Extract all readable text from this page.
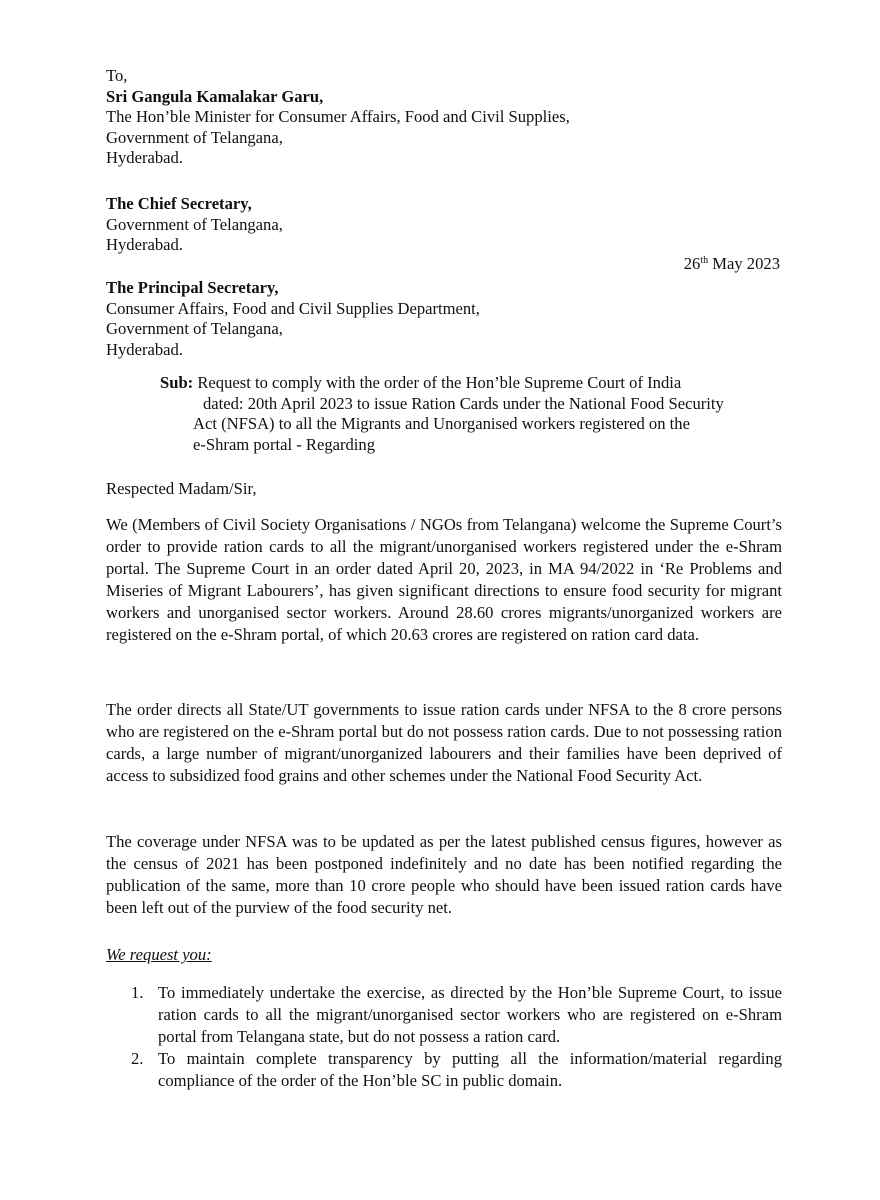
To,
Sri Gangula Kamalakar Garu,
The Hon’ble Minister for Consumer Affairs, Food and Civil Supplies,
Government of Telangana,
Hyderabad.
The Chief Secretary,
Government of Telangana,
Hyderabad.
26th May 2023
The Principal Secretary,
Consumer Affairs, Food and Civil Supplies Department,
Government of Telangana,
Hyderabad.
Sub: Request to comply with the order of the Hon’ble Supreme Court of India
dated: 20th April 2023 to issue Ration Cards under the National Food Security
Act (NFSA) to all the Migrants and Unorganised workers registered on the
e-Shram portal - Regarding
Respected Madam/Sir,

We (Members of Civil Society Organisations / NGOs from Telangana) welcome the Supreme Court’s order to provide ration cards to all the migrant/unorganised workers registered under the e-Shram portal. The Supreme Court in an order dated April 20, 2023, in MA 94/2022 in ‘Re Problems and Miseries of Migrant Labourers’, has given significant directions to ensure food security for migrant workers and unorganised sector workers. Around 28.60 crores migrants/unorganized workers are registered on the e-Shram portal, of which 20.63 crores are registered on ration card data.

The order directs all State/UT governments to issue ration cards under NFSA to the 8 crore persons who are registered on the e-Shram portal but do not possess ration cards. Due to not possessing ration cards, a large number of migrant/unorganized labourers and their families have been deprived of access to subsidized food grains and other schemes under the National Food Security Act.

The coverage under NFSA was to be updated as per the latest published census figures, however as the census of 2021 has been postponed indefinitely and no date has been notified regarding the publication of the same, more than 10 crore people who should have been issued ration cards have been left out of the purview of the food security net.

We request you:
1. To immediately undertake the exercise, as directed by the Hon’ble Supreme Court, to issue ration cards to all the migrant/unorganised sector workers who are registered on e-Shram portal from Telangana state, but do not possess a ration card.
2. To maintain complete transparency by putting all the information/material regarding compliance of the order of the Hon’ble SC in public domain.
